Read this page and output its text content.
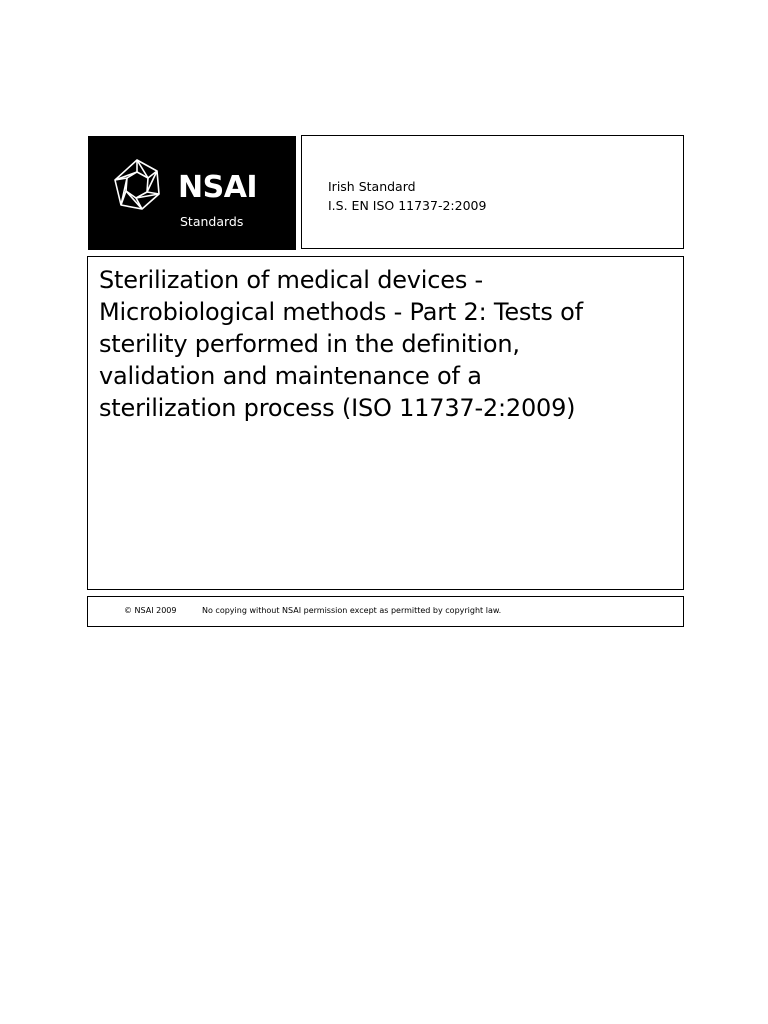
NSAI
Standards
Irish Standard
I.S. EN ISO 11737-2:2009
Sterilization of medical devices -
Microbiological methods - Part 2: Tests of
sterility performed in the definition,
validation and maintenance of a
sterilization process (ISO 11737-2:2009)
© NSAI 2009	No copying without NSAI permission except as permitted by copyright law.
